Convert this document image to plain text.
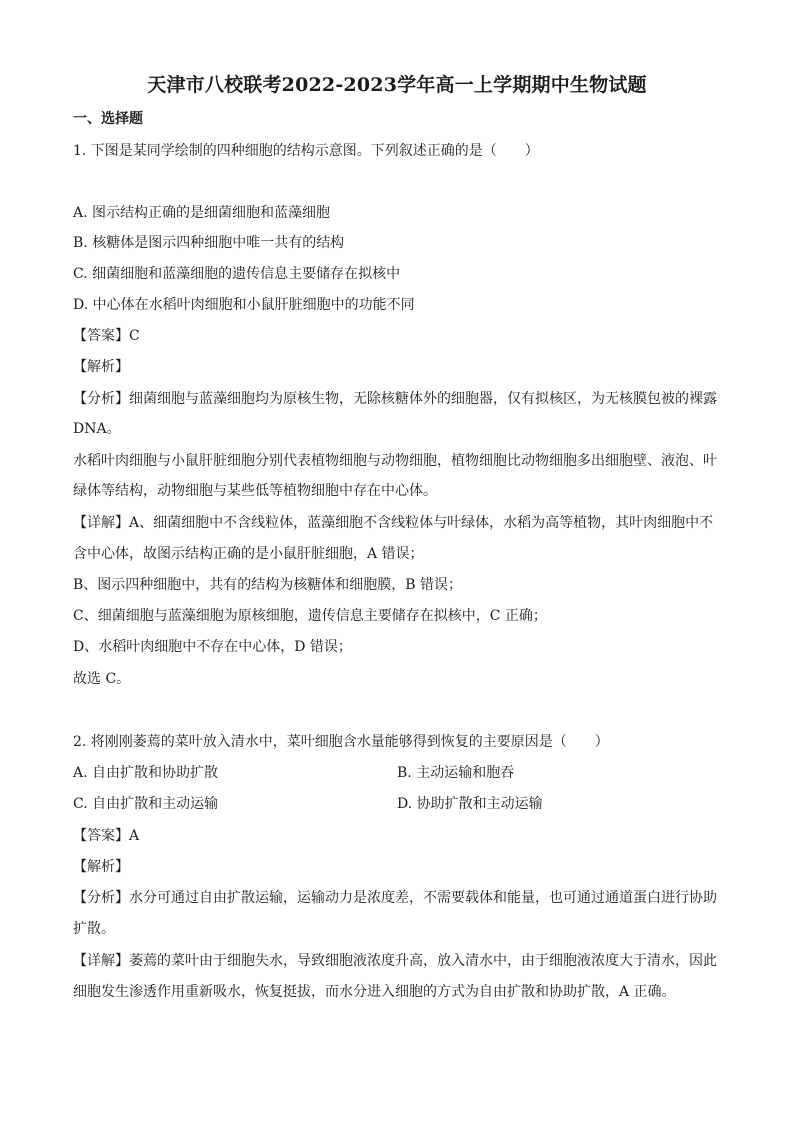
天津市八校联考2022-2023学年高一上学期期中生物试题
一、选择题
1. 下图是某同学绘制的四种细胞的结构示意图。下列叙述正确的是（　　）
A. 图示结构正确的是细菌细胞和蓝藻细胞
B. 核糖体是图示四种细胞中唯一共有的结构
C. 细菌细胞和蓝藻细胞的遗传信息主要储存在拟核中
D. 中心体在水稻叶肉细胞和小鼠肝脏细胞中的功能不同
【答案】C
【解析】
【分析】细菌细胞与蓝藻细胞均为原核生物，无除核糖体外的细胞器，仅有拟核区，为无核膜包被的裸露
DNA。
水稻叶肉细胞与小鼠肝脏细胞分别代表植物细胞与动物细胞，植物细胞比动物细胞多出细胞壁、液泡、叶
绿体等结构，动物细胞与某些低等植物细胞中存在中心体。
【详解】A、细菌细胞中不含线粒体，蓝藻细胞不含线粒体与叶绿体，水稻为高等植物，其叶肉细胞中不
含中心体，故图示结构正确的是小鼠肝脏细胞，A 错误；
B、图示四种细胞中，共有的结构为核糖体和细胞膜，B 错误；
C、细菌细胞与蓝藻细胞为原核细胞，遗传信息主要储存在拟核中，C 正确；
D、水稻叶肉细胞中不存在中心体，D 错误；
故选 C。
2. 将刚刚萎蔫的菜叶放入清水中，菜叶细胞含水量能够得到恢复的主要原因是（　　）
A. 自由扩散和协助扩散	B. 主动运输和胞吞
C. 自由扩散和主动运输	D. 协助扩散和主动运输
【答案】A
【解析】
【分析】水分可通过自由扩散运输，运输动力是浓度差，不需要载体和能量，也可通过通道蛋白进行协助
扩散。
【详解】萎蔫的菜叶由于细胞失水，导致细胞液浓度升高，放入清水中，由于细胞液浓度大于清水，因此
细胞发生渗透作用重新吸水，恢复挺拔，而水分进入细胞的方式为自由扩散和协助扩散，A 正确。
